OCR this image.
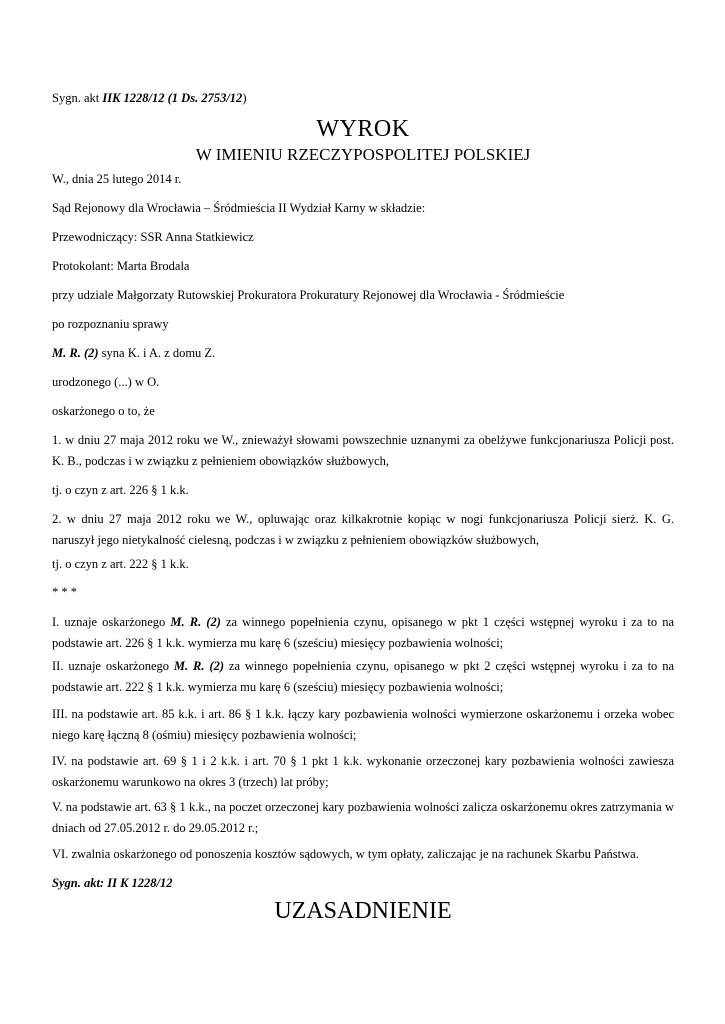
Sygn. akt IIK 1228/12 (1 Ds. 2753/12)

WYROK

W IMIENIU RZECZYPOSPOLITEJ POLSKIEJ

W., dnia 25 lutego 2014 r.

Sąd Rejonowy dla Wrocławia – Śródmieścia II Wydział Karny w składzie:

Przewodniczący: SSR Anna Statkiewicz

Protokolant: Marta Brodala

przy udziale Małgorzaty Rutowskiej Prokuratora Prokuratury Rejonowej dla Wrocławia - Śródmieście

po rozpoznaniu sprawy

M. R. (2) syna K. i A. z domu Z.

urodzonego (...) w O.

oskarżonego o to, że

1. w dniu 27 maja 2012 roku we W., znieważył słowami powszechnie uznanymi za obelżywe funkcjonariusza Policji post. K. B., podczas i w związku z pełnieniem obowiązków służbowych,

tj. o czyn z art. 226 § 1 k.k.

2. w dniu 27 maja 2012 roku we W., opluwając oraz kilkakrotnie kopiąc w nogi funkcjonariusza Policji sierż. K. G. naruszył jego nietykalność cielesną, podczas i w związku z pełnieniem obowiązków służbowych,

tj. o czyn z art. 222 § 1 k.k.

* * *

I. uznaje oskarżonego M. R. (2) za winnego popełnienia czynu, opisanego w pkt 1 części wstępnej wyroku i za to na podstawie art. 226 § 1 k.k. wymierza mu karę 6 (sześciu) miesięcy pozbawienia wolności;

II. uznaje oskarżonego M. R. (2) za winnego popełnienia czynu, opisanego w pkt 2 części wstępnej wyroku i za to na podstawie art. 222 § 1 k.k. wymierza mu karę 6 (sześciu) miesięcy pozbawienia wolności;

III. na podstawie art. 85 k.k. i art. 86 § 1 k.k. łączy kary pozbawienia wolności wymierzone oskarżonemu i orzeka wobec niego karę łączną 8 (ośmiu) miesięcy pozbawienia wolności;

IV. na podstawie art. 69 § 1 i 2 k.k. i art. 70 § 1 pkt 1 k.k. wykonanie orzeczonej kary pozbawienia wolności zawiesza oskarżonemu warunkowo na okres 3 (trzech) lat próby;

V. na podstawie art. 63 § 1 k.k., na poczet orzeczonej kary pozbawienia wolności zalicza oskarżonemu okres zatrzymania w dniach od 27.05.2012 r. do 29.05.2012 r.;

VI. zwalnia oskarżonego od ponoszenia kosztów sądowych, w tym opłaty, zaliczając je na rachunek Skarbu Państwa.

Sygn. akt: II K 1228/12

UZASADNIENIE
